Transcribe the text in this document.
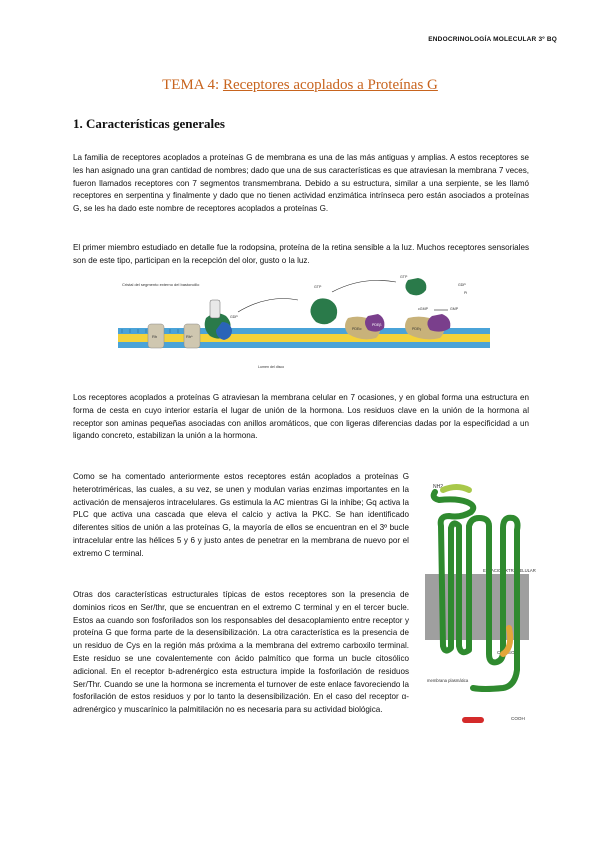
ENDOCRINOLOGÍA MOLECULAR 3º BQ
TEMA 4: Receptores acoplados a Proteínas G
1. Características generales
La familia de receptores acoplados a proteínas G de membrana es una de las más antiguas y amplias. A estos receptores se les han asignado una gran cantidad de nombres; dado que una de sus características es que atraviesan la membrana 7 veces, fueron llamados receptores con 7 segmentos transmembrana. Debido a su estructura, similar a una serpiente, se les llamó receptores en serpentina y finalmente y dado que no tienen actividad enzimática intrínseca pero están asociados a proteínas G, se les ha dado este nombre de receptores acoplados a proteínas G.
El primer miembro estudiado en detalle fue la rodopsina, proteína de la retina sensible a la luz. Muchos receptores sensoriales son de este tipo, participan en la recepción del olor, gusto o la luz.
Cristal del segmento externo del bastoncillo
Rh	Rh*
GDP
GTP
PDEα
PDEβ
PDEγ
GTP
GDP
Pi
cGMP	GMP
Lumen del disco
Los receptores acoplados a proteínas G atraviesan la membrana celular en 7 ocasiones, y en global forma una estructura en forma de cesta en cuyo interior estaría el lugar de unión de la hormona. Los residuos clave en la unión de la hormona al receptor son aminas pequeñas asociadas con anillos aromáticos, que con ligeras diferencias dadas por la especificidad a un ligando concreto, estabilizan la unión a la hormona.
Como se ha comentado anteriormente estos receptores están acoplados a proteínas G heterotriméricas, las cuales, a su vez, se unen y modulan varias enzimas importantes en la activación de mensajeros intracelulares. Gs estimula la AC mientras Gi la inhibe; Gq activa la PLC que activa una cascada que eleva el calcio y activa la PKC. Se han identificado diferentes sitios de unión a las proteínas G, la mayoría de ellos se encuentran en el 3º bucle intracelular entre las hélices 5 y 6 y justo antes de penetrar en la membrana de nuevo por el extremo C terminal.
Otras dos características estructurales típicas de estos receptores son la presencia de dominios ricos en Ser/thr, que se encuentran en el extremo C terminal y en el tercer bucle. Estos aa cuando son fosforilados son los responsables del desacoplamiento entre receptor y proteína G que forma parte de la desensibilización. La otra característica es la presencia de un residuo de Cys en la región más próxima a la membrana del extremo carboxilo terminal. Este residuo se une covalentemente con ácido palmítico que forma un bucle citosólico adicional. En el receptor b-adrenérgico esta estructura impide la fosforilación de residuos Ser/Thr. Cuando se une la hormona se incrementa el turnover de este enlace favoreciendo la fosforilación de estos residuos y por lo tanto la desensibilización. En el caso del receptor α-adrenérgico y muscarínico la palmitilación no es necesaria para su actividad biológica.
NH2
ESPACIO EXTRACELULAR
CITOSOL
membrana plasmática
COOH
